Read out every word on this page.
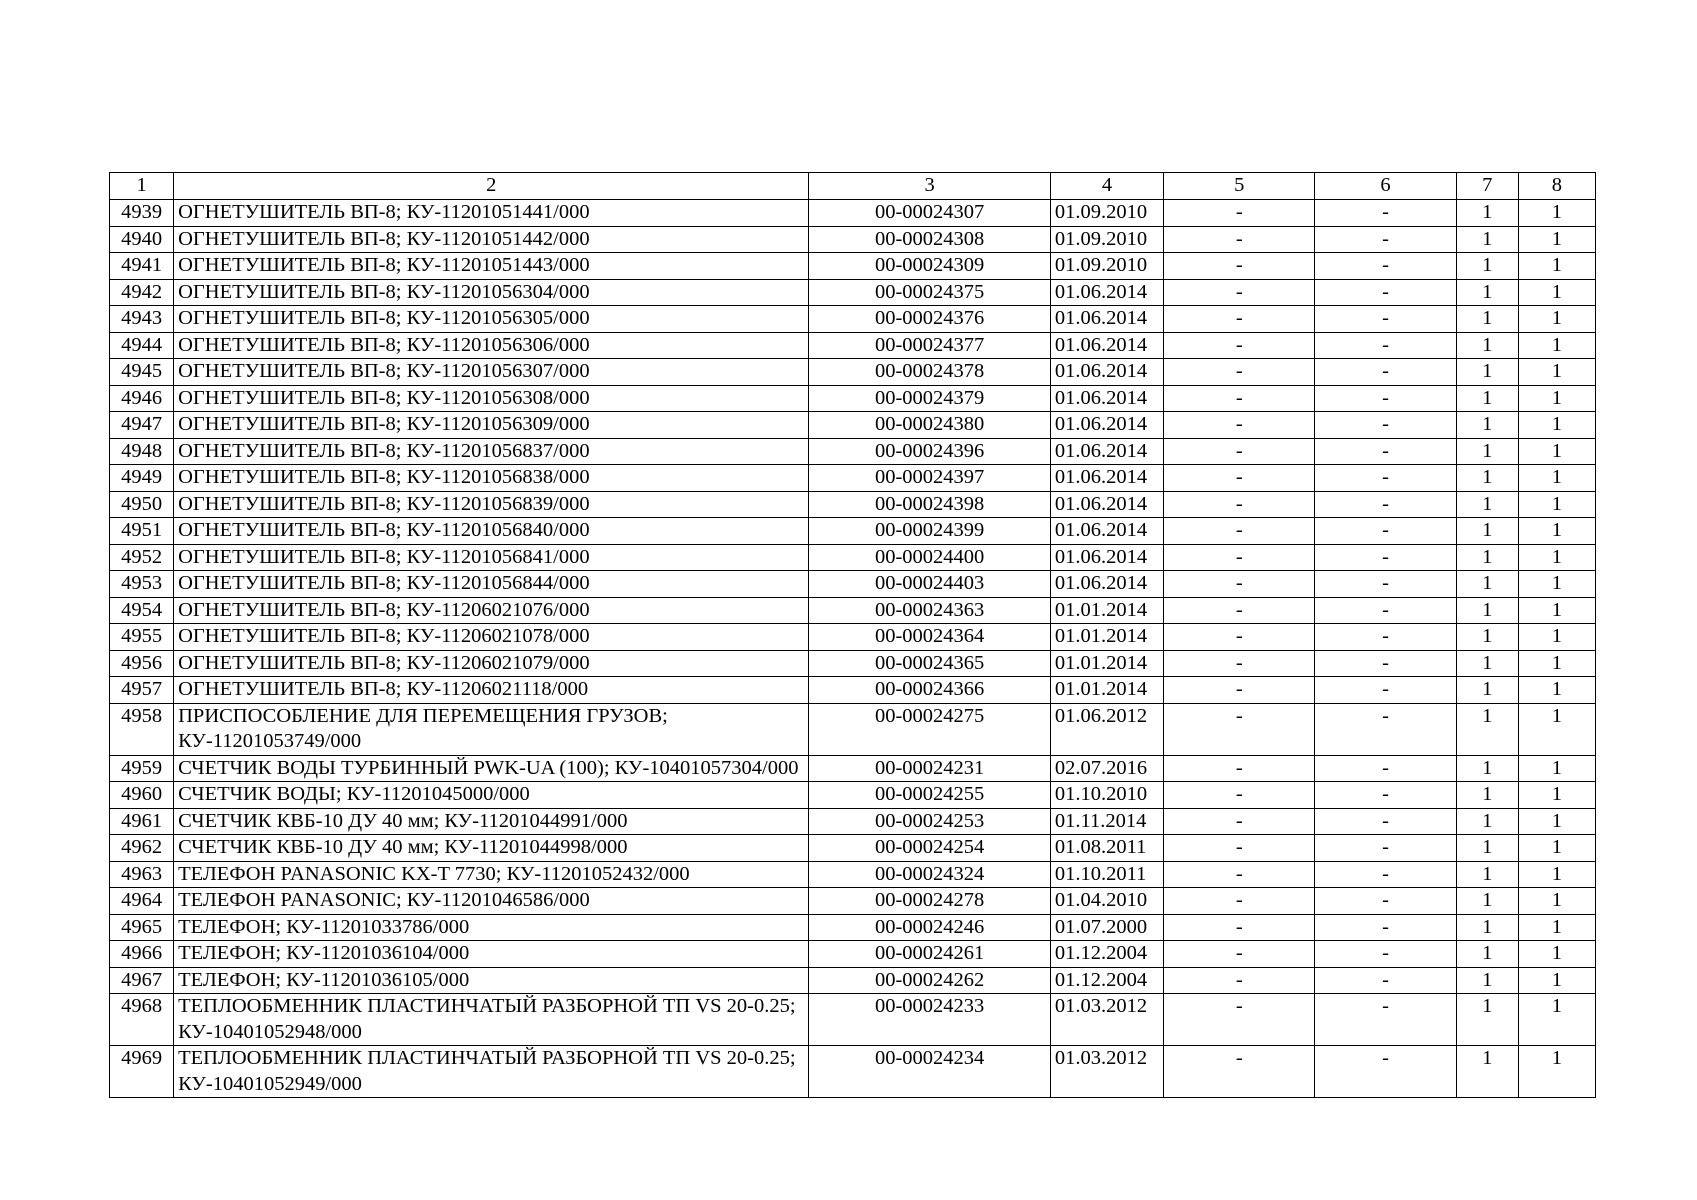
1	2	3	4	5	6	7	8
4939	ОГНЕТУШИТЕЛЬ ВП-8; КУ-11201051441/000	00-00024307	01.09.2010	-	-	1	1
4940	ОГНЕТУШИТЕЛЬ ВП-8; КУ-11201051442/000	00-00024308	01.09.2010	-	-	1	1
4941	ОГНЕТУШИТЕЛЬ ВП-8; КУ-11201051443/000	00-00024309	01.09.2010	-	-	1	1
4942	ОГНЕТУШИТЕЛЬ ВП-8; КУ-11201056304/000	00-00024375	01.06.2014	-	-	1	1
4943	ОГНЕТУШИТЕЛЬ ВП-8; КУ-11201056305/000	00-00024376	01.06.2014	-	-	1	1
4944	ОГНЕТУШИТЕЛЬ ВП-8; КУ-11201056306/000	00-00024377	01.06.2014	-	-	1	1
4945	ОГНЕТУШИТЕЛЬ ВП-8; КУ-11201056307/000	00-00024378	01.06.2014	-	-	1	1
4946	ОГНЕТУШИТЕЛЬ ВП-8; КУ-11201056308/000	00-00024379	01.06.2014	-	-	1	1
4947	ОГНЕТУШИТЕЛЬ ВП-8; КУ-11201056309/000	00-00024380	01.06.2014	-	-	1	1
4948	ОГНЕТУШИТЕЛЬ ВП-8; КУ-11201056837/000	00-00024396	01.06.2014	-	-	1	1
4949	ОГНЕТУШИТЕЛЬ ВП-8; КУ-11201056838/000	00-00024397	01.06.2014	-	-	1	1
4950	ОГНЕТУШИТЕЛЬ ВП-8; КУ-11201056839/000	00-00024398	01.06.2014	-	-	1	1
4951	ОГНЕТУШИТЕЛЬ ВП-8; КУ-11201056840/000	00-00024399	01.06.2014	-	-	1	1
4952	ОГНЕТУШИТЕЛЬ ВП-8; КУ-11201056841/000	00-00024400	01.06.2014	-	-	1	1
4953	ОГНЕТУШИТЕЛЬ ВП-8; КУ-11201056844/000	00-00024403	01.06.2014	-	-	1	1
4954	ОГНЕТУШИТЕЛЬ ВП-8; КУ-11206021076/000	00-00024363	01.01.2014	-	-	1	1
4955	ОГНЕТУШИТЕЛЬ ВП-8; КУ-11206021078/000	00-00024364	01.01.2014	-	-	1	1
4956	ОГНЕТУШИТЕЛЬ ВП-8; КУ-11206021079/000	00-00024365	01.01.2014	-	-	1	1
4957	ОГНЕТУШИТЕЛЬ ВП-8; КУ-11206021118/000	00-00024366	01.01.2014	-	-	1	1
4958	ПРИСПОСОБЛЕНИЕ ДЛЯ ПЕРЕМЕЩЕНИЯ ГРУЗОВ; КУ-11201053749/000	00-00024275	01.06.2012	-	-	1	1
4959	СЧЕТЧИК ВОДЫ ТУРБИННЫЙ PWK-UA (100); КУ-10401057304/000	00-00024231	02.07.2016	-	-	1	1
4960	СЧЕТЧИК ВОДЫ; КУ-11201045000/000	00-00024255	01.10.2010	-	-	1	1
4961	СЧЕТЧИК КВБ-10 ДУ 40 мм; КУ-11201044991/000	00-00024253	01.11.2014	-	-	1	1
4962	СЧЕТЧИК КВБ-10 ДУ 40 мм; КУ-11201044998/000	00-00024254	01.08.2011	-	-	1	1
4963	ТЕЛЕФОН PANASONIC KX-T 7730; КУ-11201052432/000	00-00024324	01.10.2011	-	-	1	1
4964	ТЕЛЕФОН PANASONIC; КУ-11201046586/000	00-00024278	01.04.2010	-	-	1	1
4965	ТЕЛЕФОН; КУ-11201033786/000	00-00024246	01.07.2000	-	-	1	1
4966	ТЕЛЕФОН; КУ-11201036104/000	00-00024261	01.12.2004	-	-	1	1
4967	ТЕЛЕФОН; КУ-11201036105/000	00-00024262	01.12.2004	-	-	1	1
4968	ТЕПЛООБМЕННИК ПЛАСТИНЧАТЫЙ РАЗБОРНОЙ ТП VS 20-0.25; КУ-10401052948/000	00-00024233	01.03.2012	-	-	1	1
4969	ТЕПЛООБМЕННИК ПЛАСТИНЧАТЫЙ РАЗБОРНОЙ ТП VS 20-0.25; КУ-10401052949/000	00-00024234	01.03.2012	-	-	1	1
